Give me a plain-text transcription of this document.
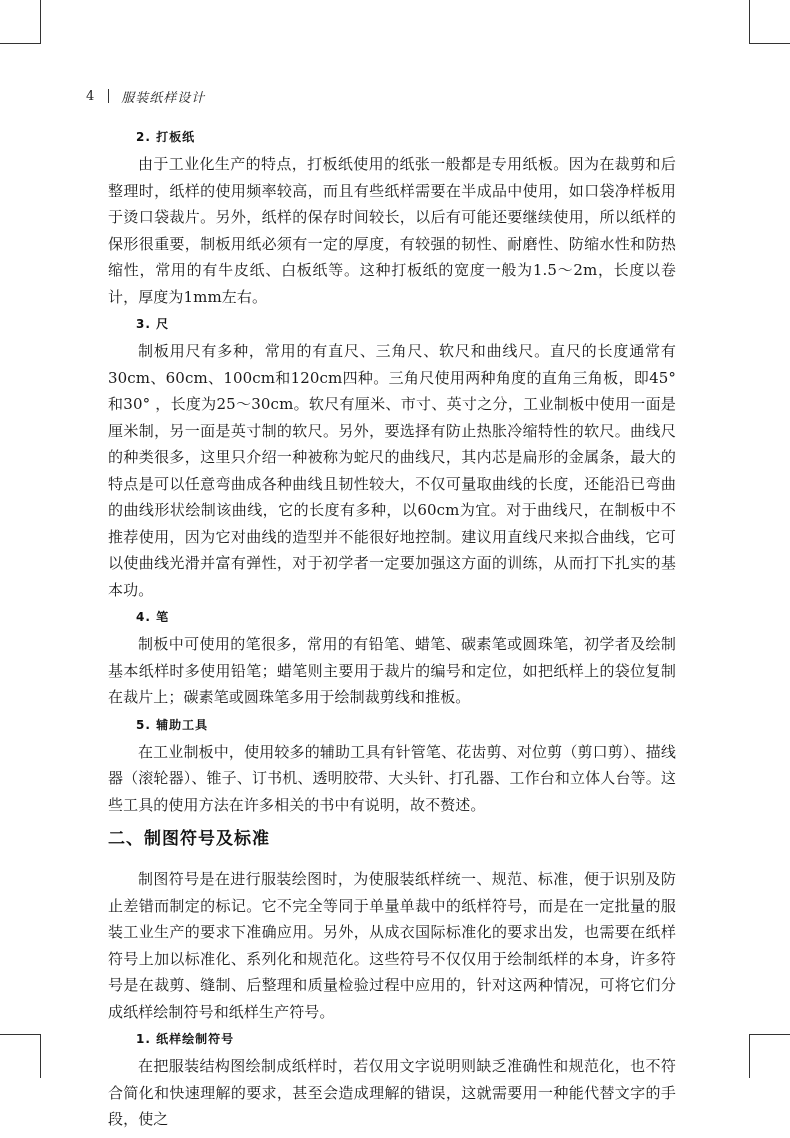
4 服装纸样设计
2. 打板纸

由于工业化生产的特点，打板纸使用的纸张一般都是专用纸板。因为在裁剪和后整理时，纸样的使用频率较高，而且有些纸样需要在半成品中使用，如口袋净样板用于烫口袋裁片。另外，纸样的保存时间较长，以后有可能还要继续使用，所以纸样的保形很重要，制板用纸必须有一定的厚度，有较强的韧性、耐磨性、防缩水性和防热缩性，常用的有牛皮纸、白板纸等。这种打板纸的宽度一般为1.5～2m，长度以卷计，厚度为1mm左右。

3. 尺

制板用尺有多种，常用的有直尺、三角尺、软尺和曲线尺。直尺的长度通常有30cm、60cm、100cm和120cm四种。三角尺使用两种角度的直角三角板，即45° 和30° ，长度为25～30cm。软尺有厘米、市寸、英寸之分，工业制板中使用一面是厘米制，另一面是英寸制的软尺。另外，要选择有防止热胀冷缩特性的软尺。曲线尺的种类很多，这里只介绍一种被称为蛇尺的曲线尺，其内芯是扁形的金属条，最大的特点是可以任意弯曲成各种曲线且韧性较大，不仅可量取曲线的长度，还能沿已弯曲的曲线形状绘制该曲线，它的长度有多种，以60cm为宜。对于曲线尺，在制板中不推荐使用，因为它对曲线的造型并不能很好地控制。建议用直线尺来拟合曲线，它可以使曲线光滑并富有弹性，对于初学者一定要加强这方面的训练，从而打下扎实的基本功。

4. 笔

制板中可使用的笔很多，常用的有铅笔、蜡笔、碳素笔或圆珠笔，初学者及绘制基本纸样时多使用铅笔；蜡笔则主要用于裁片的编号和定位，如把纸样上的袋位复制在裁片上；碳素笔或圆珠笔多用于绘制裁剪线和推板。

5. 辅助工具

在工业制板中，使用较多的辅助工具有针管笔、花齿剪、对位剪（剪口剪）、描线器（滚轮器）、锥子、订书机、透明胶带、大头针、打孔器、工作台和立体人台等。这些工具的使用方法在许多相关的书中有说明，故不赘述。

二、制图符号及标准

制图符号是在进行服装绘图时，为使服装纸样统一、规范、标准，便于识别及防止差错而制定的标记。它不完全等同于单量单裁中的纸样符号，而是在一定批量的服装工业生产的要求下准确应用。另外，从成衣国际标准化的要求出发，也需要在纸样符号上加以标准化、系列化和规范化。这些符号不仅仅用于绘制纸样的本身，许多符号是在裁剪、缝制、后整理和质量检验过程中应用的，针对这两种情况，可将它们分成纸样绘制符号和纸样生产符号。

1. 纸样绘制符号

在把服装结构图绘制成纸样时，若仅用文字说明则缺乏准确性和规范化，也不符合简化和快速理解的要求，甚至会造成理解的错误，这就需要用一种能代替文字的手段，使之
